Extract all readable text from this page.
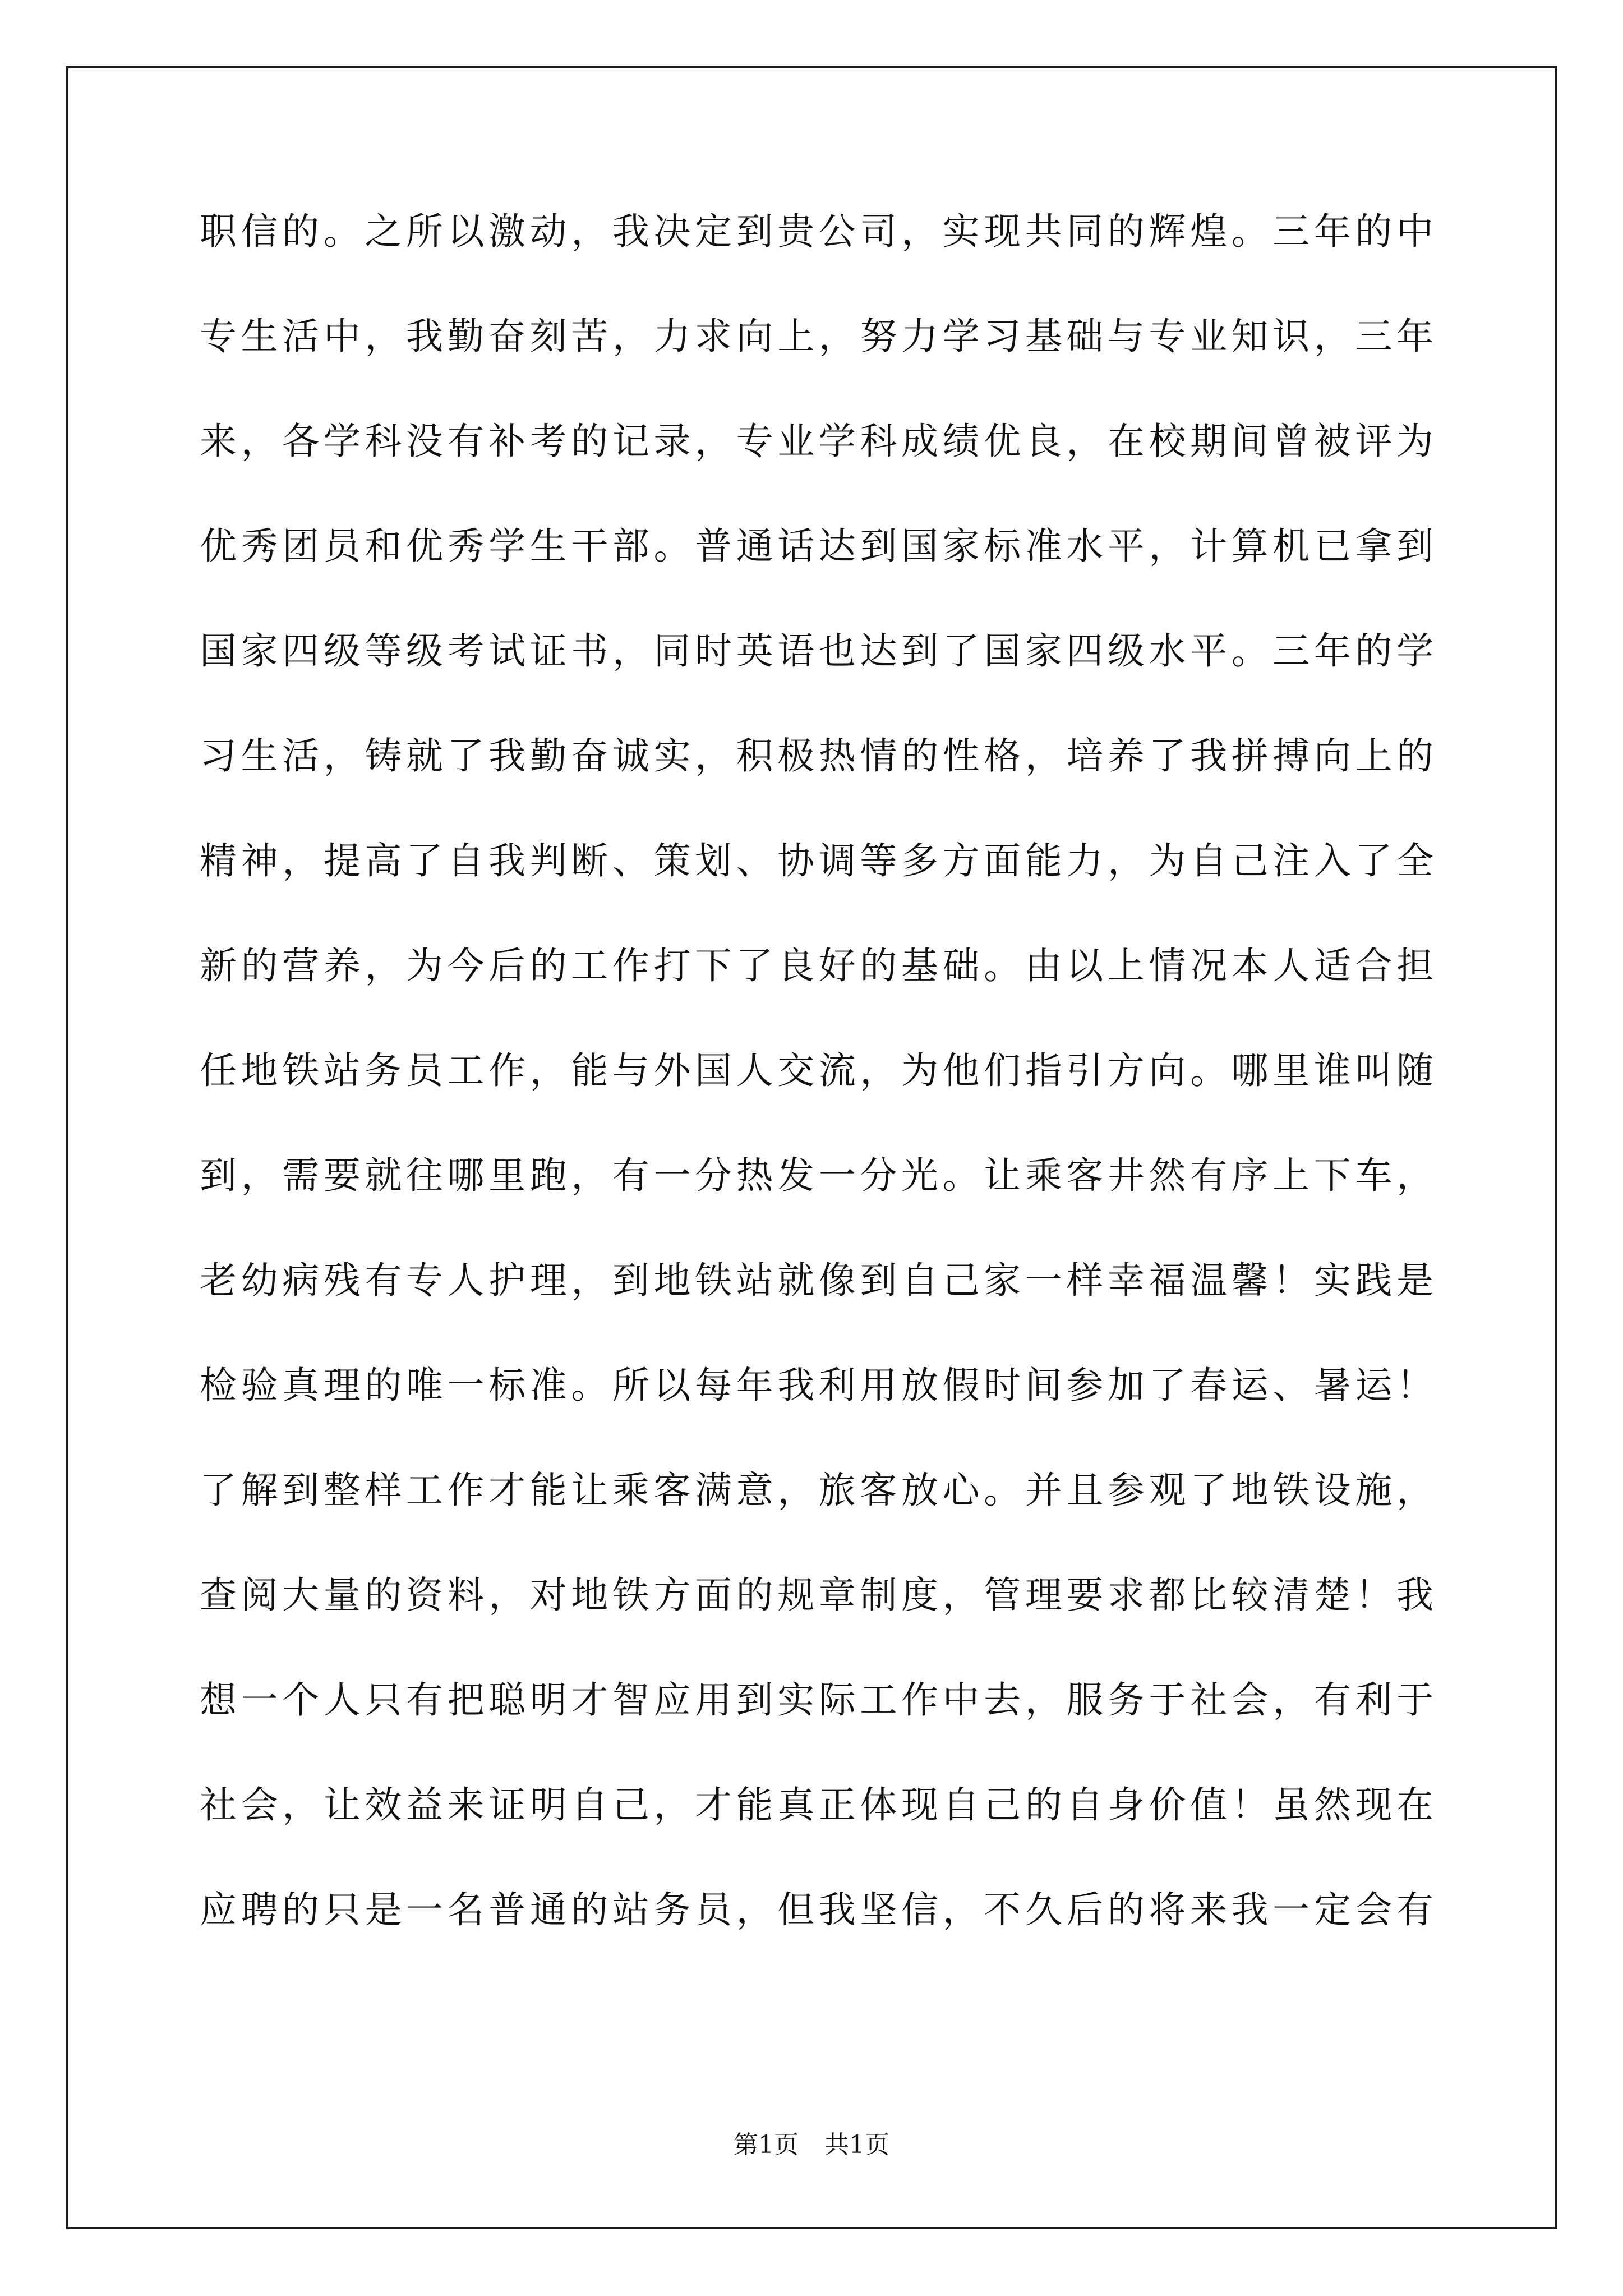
职信的。之所以激动，我决定到贵公司，实现共同的辉煌。三年的中
专生活中，我勤奋刻苦，力求向上，努力学习基础与专业知识，三年
来，各学科没有补考的记录，专业学科成绩优良，在校期间曾被评为
优秀团员和优秀学生干部。普通话达到国家标准水平，计算机已拿到
国家四级等级考试证书，同时英语也达到了国家四级水平。三年的学
习生活，铸就了我勤奋诚实，积极热情的性格，培养了我拼搏向上的
精神，提高了自我判断、策划、协调等多方面能力，为自己注入了全
新的营养，为今后的工作打下了良好的基础。由以上情况本人适合担
任地铁站务员工作，能与外国人交流，为他们指引方向。哪里谁叫随
到，需要就往哪里跑，有一分热发一分光。让乘客井然有序上下车，
老幼病残有专人护理，到地铁站就像到自己家一样幸福温馨！实践是
检验真理的唯一标准。所以每年我利用放假时间参加了春运、暑运！
了解到整样工作才能让乘客满意，旅客放心。并且参观了地铁设施，
查阅大量的资料，对地铁方面的规章制度，管理要求都比较清楚！我
想一个人只有把聪明才智应用到实际工作中去，服务于社会，有利于
社会，让效益来证明自己，才能真正体现自己的自身价值！虽然现在
应聘的只是一名普通的站务员，但我坚信，不久后的将来我一定会有
第1页 共1页
